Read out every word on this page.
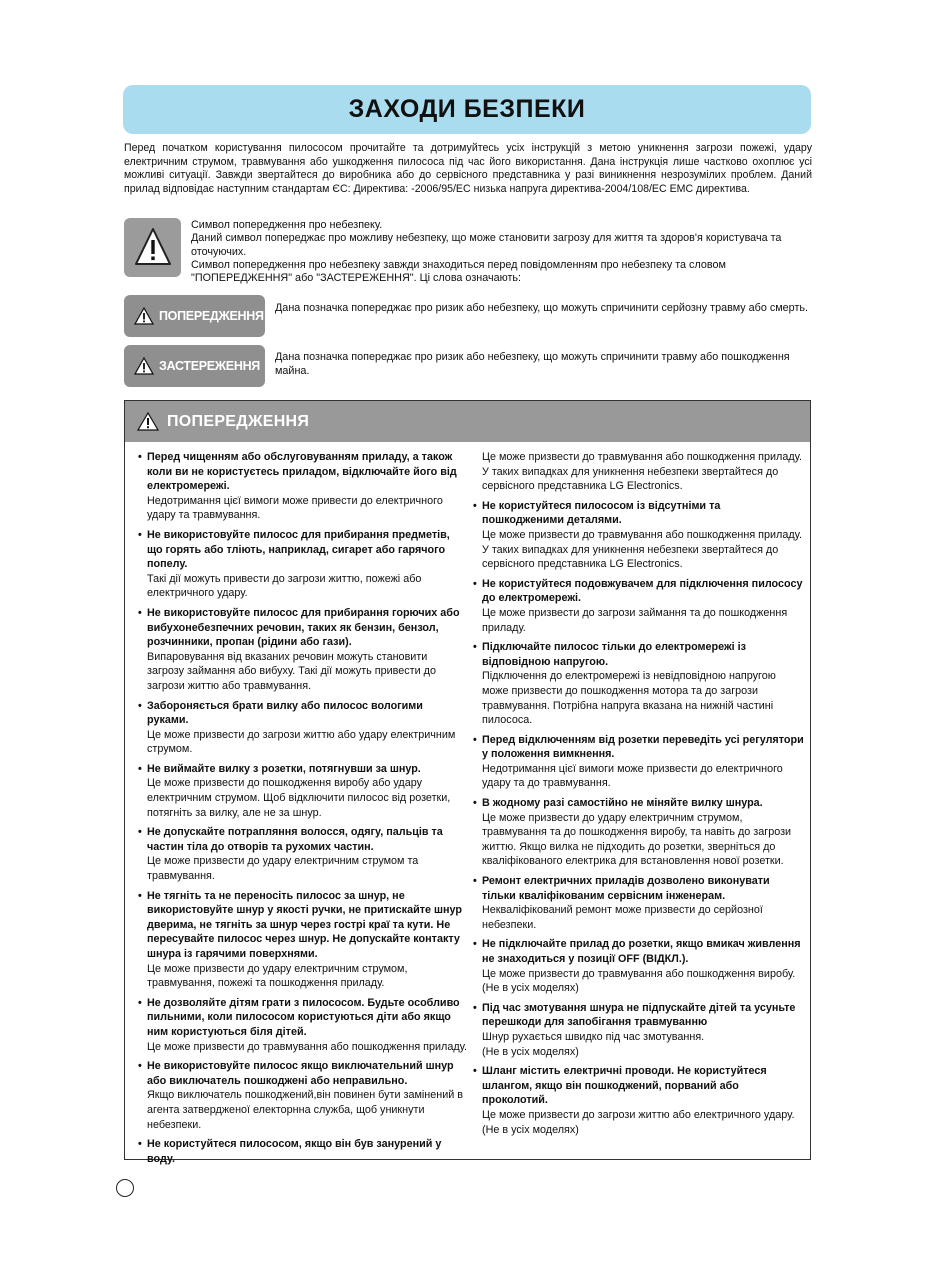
ЗАХОДИ БЕЗПЕКИ

Перед початком користування пилососом прочитайте та дотримуйтесь усіх інструкцій з метою уникнення загрози пожежі, удару електричним струмом, травмування або ушкодження пилососа під час його використання. Дана інструкція лише частково охоплює усі можливі ситуації. Завжди звертайтеся до виробника або до сервісного представника у разі виникнення незрозумілих проблем. Даний прилад відповідає наступним стандартам ЄС: Директива: -2006/95/EC низька напруга директива-2004/108/EC EMC директива.

Символ попередження про небезпеку.
Даний символ попереджає про можливу небезпеку, що може становити загрозу для життя та здоров'я користувача та оточуючих.
Символ попередження про небезпеку завжди знаходиться перед повідомленням про небезпеку та словом "ПОПЕРЕДЖЕННЯ" або "ЗАСТЕРЕЖЕННЯ". Ці слова означають:

ПОПЕРЕДЖЕННЯ

Дана позначка попереджає про ризик або небезпеку, що можуть спричинити серйозну травму або смерть.

ЗАСТЕРЕЖЕННЯ

Дана позначка попереджає про ризик або небезпеку, що можуть спричинити травму або пошкодження майна.

ПОПЕРЕДЖЕННЯ
• Перед чищенням або обслуговуванням приладу, а також коли ви не користуєтесь приладом, відключайте його від електромережі.
Недотримання цієї вимоги може привести до електричного удару та травмування.
• Не використовуйте пилосос для прибирання предметів, що горять або тліють, наприклад, сигарет або гарячого попелу.
Такі дії можуть привести до загрози життю, пожежі або електричного удару.
• Не використовуйте пилосос для прибирання горючих або вибухонебезпечних речовин, таких як бензин, бензол, розчинники, пропан (рідини або гази).
Випаровування від вказаних речовин можуть становити загрозу займання або вибуху. Такі дії можуть привести до загрози життю або травмування.
• Забороняється брати вилку або пилосос вологими руками.
Це може призвести до загрози життю або удару електричним струмом.
• Не виймайте вилку з розетки, потягнувши за шнур.
Це може призвести до пошкодження виробу або удару електричним струмом. Щоб відключити пилосос від розетки, потягніть за вилку, але не за шнур.
• Не допускайте потрапляння волосся, одягу, пальців та частин тіла до отворів та рухомих частин.
Це може призвести до удару електричним струмом та травмування.
• Не тягніть та не переносіть пилосос за шнур, не використовуйте шнур у якості ручки, не притискайте шнур дверима, не тягніть за шнур через гострі краї та кути. Не пересувайте пилосос через шнур. Не допускайте контакту шнура із гарячими поверхнями.
Це може призвести до удару електричним струмом, травмування, пожежі та пошкодження приладу.
• Не дозволяйте дітям грати з пилососом. Будьте особливо пильними, коли пилососом користуються діти або якщо ним користуються біля дітей.
Це може призвести до травмування або пошкодження приладу.
• Не використовуйте пилосос якщо виключательний шнур або виключатель пошкоджені або неправильно.
Якщо виключатель пошкоджений,він повинен бути замінений в агента затвердженої електорнна служба, щоб уникнути небезпеки.
• Не користуйтеся пилососом, якщо він був занурений у воду.
Це може призвести до травмування або пошкодження приладу. У таких випадках для уникнення небезпеки звертайтеся до сервісного представника LG Electronics.
• Не користуйтеся пилососом із відсутніми та пошкодженими деталями.
Це може призвести до травмування або пошкодження приладу. У таких випадках для уникнення небезпеки звертайтеся до сервісного представника LG Electronics.
• Не користуйтеся подовжувачем для підключення пилососу до електромережі.
Це може призвести до загрози займання та до пошкодження приладу.
• Підключайте пилосос тільки до електромережі із відповідною напругою.
Підключення до електромережі із невідповідною напругою може призвести до пошкодження мотора та до загрози травмування. Потрібна напруга вказана на нижній частині пилососа.
• Перед відключенням від розетки переведіть усі регулятори у положення вимкнення.
Недотримання цієї вимоги може призвести до електричного удару та до травмування.
• В жодному разі самостійно не міняйте вилку шнура.
Це може призвести до удару електричним струмом, травмування та до пошкодження виробу, та навіть до загрози життю. Якщо вилка не підходить до розетки, зверніться до кваліфікованого електрика для встановлення нової розетки.
• Ремонт електричних приладів дозволено виконувати тільки кваліфікованим сервісним інженерам.
Некваліфікований ремонт може призвести до серйозної небезпеки.
• Не підключайте прилад до розетки, якщо вмикач живлення не знаходиться у позиції OFF (ВІДКЛ.).
Це може призвести до травмування або пошкодження виробу.(Не в усіх моделях)
• Під час змотування шнура не підпускайте дітей та усуньте перешкоди для запобігання травмуванню
Шнур рухається швидко під час змотування.
(Не в усіх моделях)
• Шланг містить електричні проводи. Не користуйтеся шлангом, якщо він пошкоджений, порваний або проколотий.
Це може призвести до загрози життю або електричного удару.(Не в усіх моделях)
